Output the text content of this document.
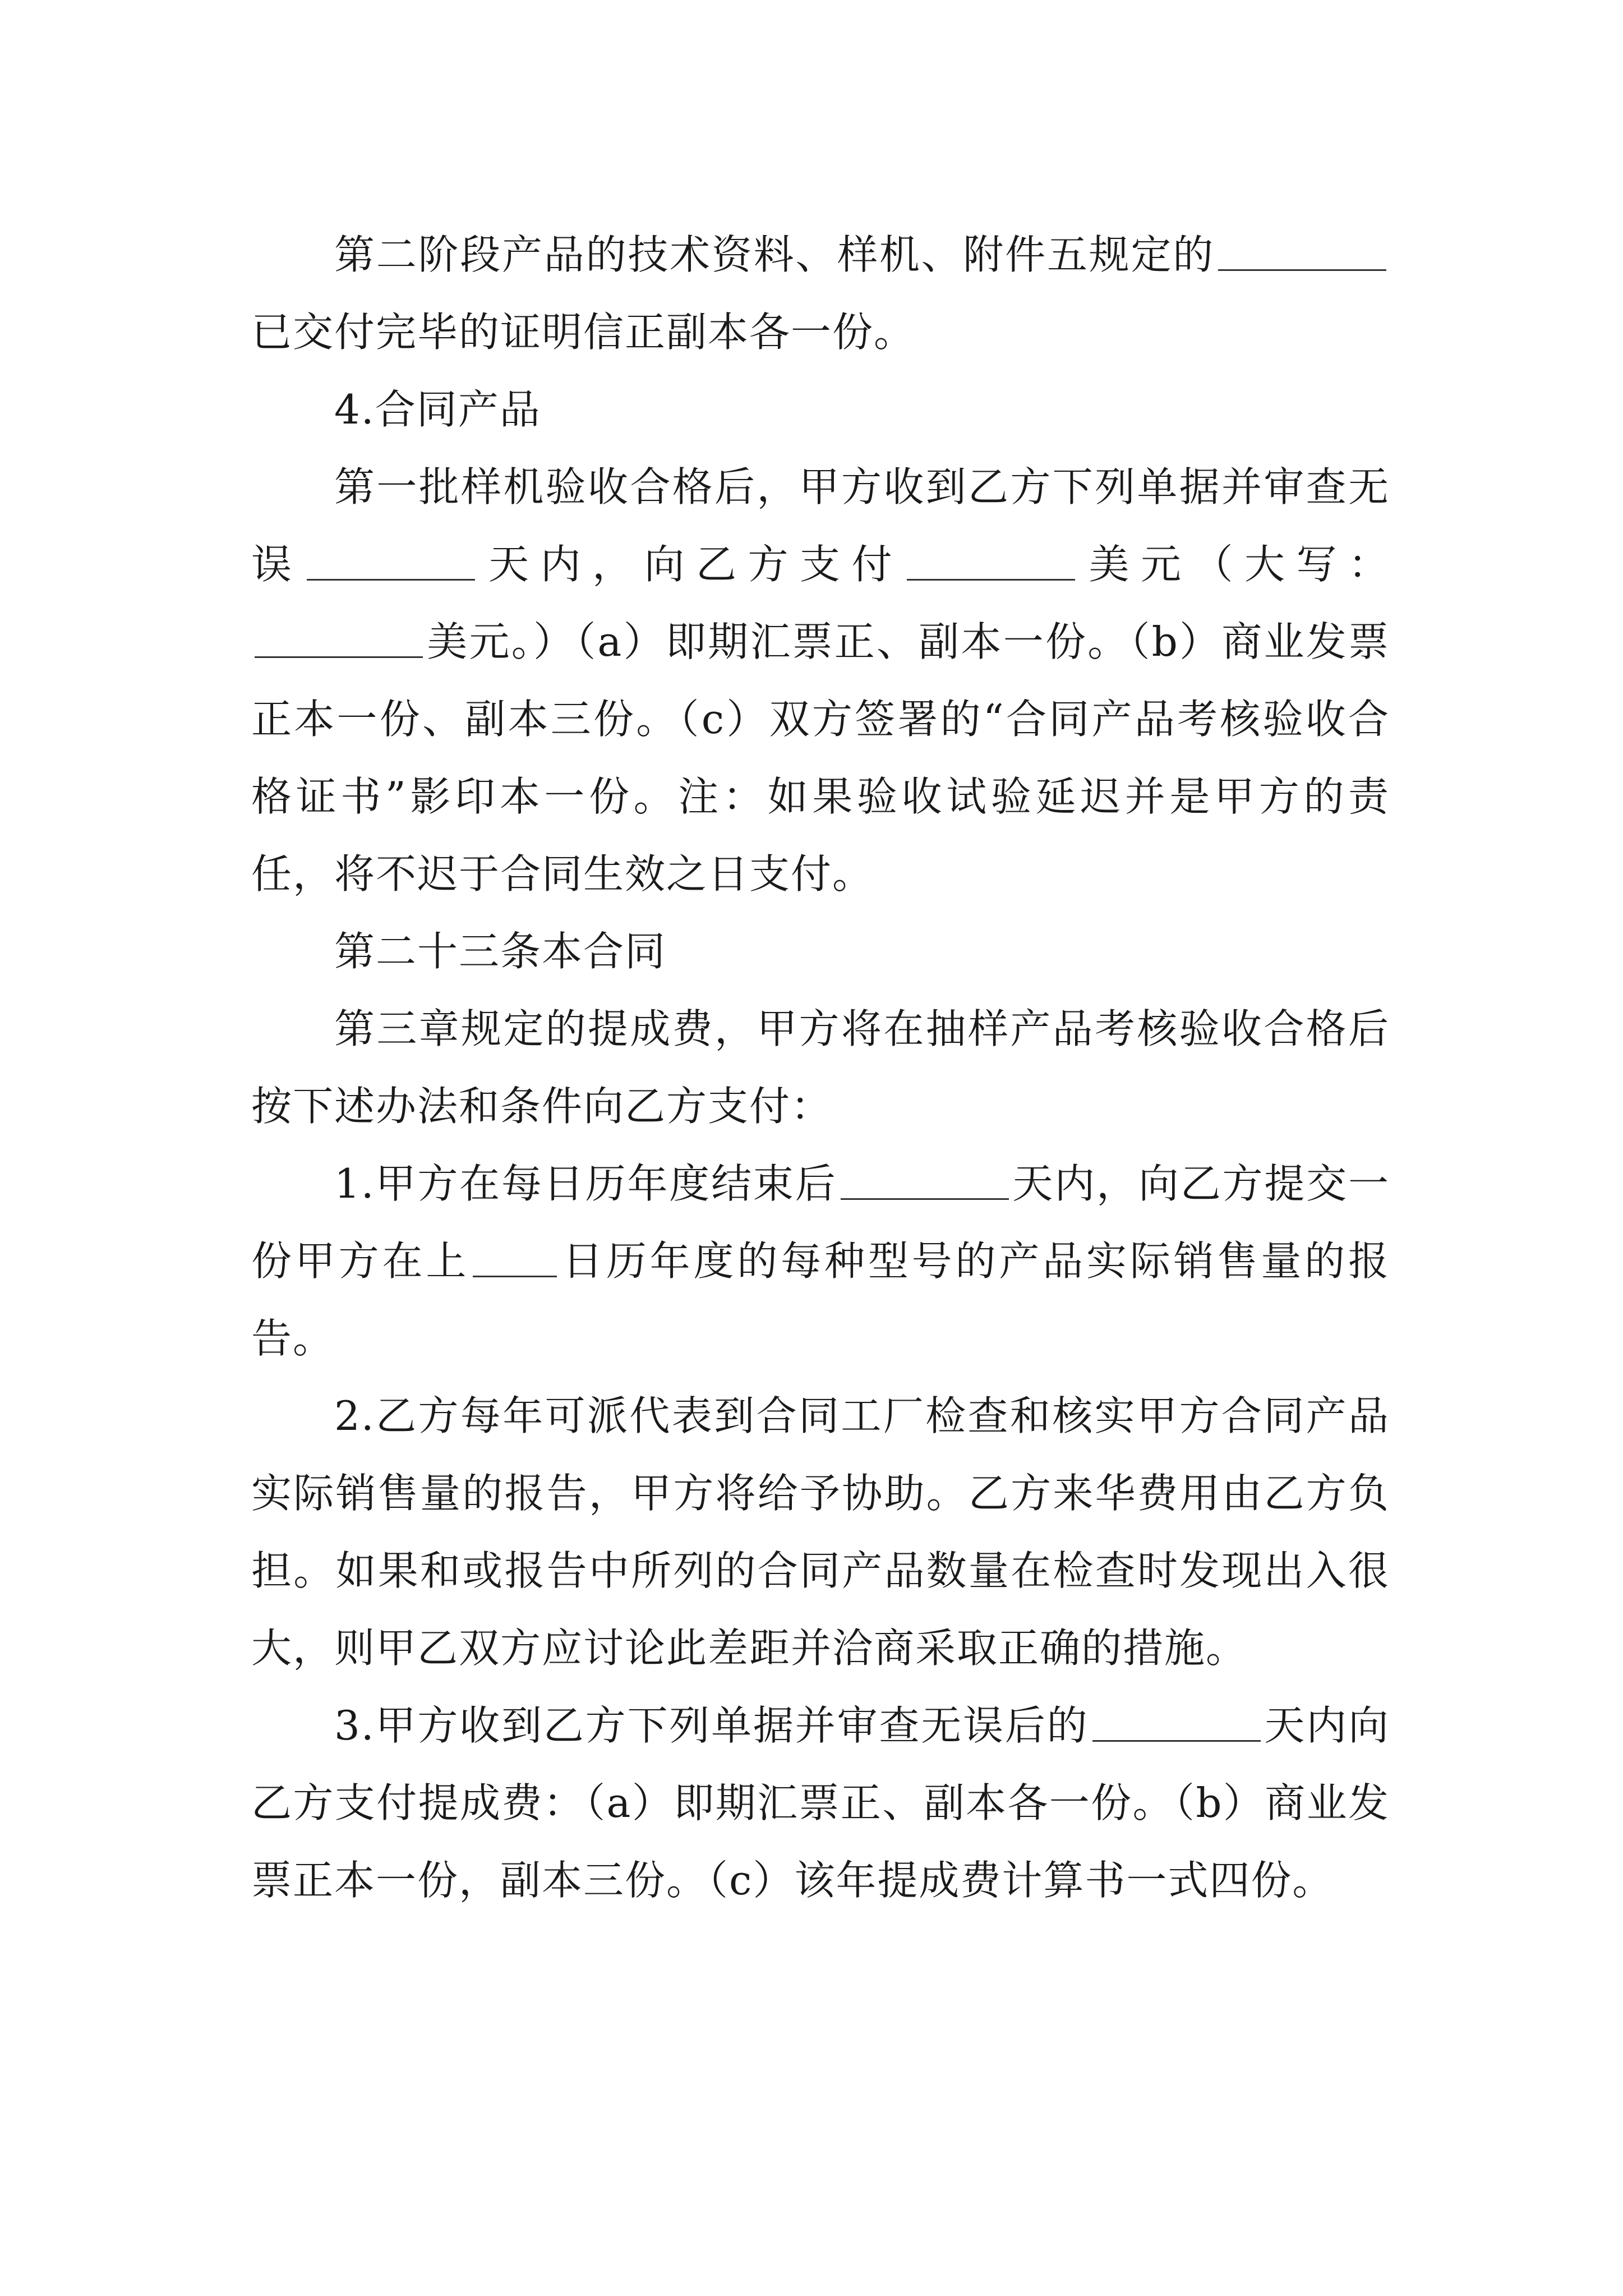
第二阶段产品的技术资料、样机、附件五规定的已交付完毕的证明信正副本各一份。

4.合同产品

第一批样机验收合格后，甲方收到乙方下列单据并审查无误	天内，向乙方支付	美元（大写：美元。）（a）即期汇票正、副本一份。（b）商业发票正本一份、副本三份。（c）双方签署的“合同产品考核验收合格证书”影印本一份。注：如果验收试验延迟并是甲方的责任，将不迟于合同生效之日支付。

第二十三条本合同

第三章规定的提成费，甲方将在抽样产品考核验收合格后按下述办法和条件向乙方支付：

1.甲方在每日历年度结束后	天内，向乙方提交一份甲方在上 日历年度的每种型号的产品实际销售量的报告。

2.乙方每年可派代表到合同工厂检查和核实甲方合同产品实际销售量的报告，甲方将给予协助。乙方来华费用由乙方负担。如果和或报告中所列的合同产品数量在检查时发现出入很大，则甲乙双方应讨论此差距并洽商采取正确的措施。

3.甲方收到乙方下列单据并审查无误后的	天内向乙方支付提成费：（a）即期汇票正、副本各一份。（b）商业发票正本一份，副本三份。（c）该年提成费计算书一式四份。
